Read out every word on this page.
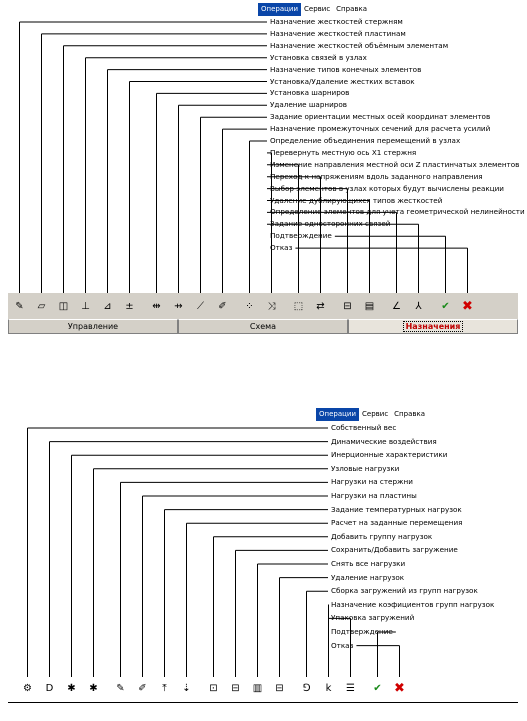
Операции Сервис Справка
Назначение жесткостей стержням
Назначение жесткостей пластинам
Назначение жесткостей объёмным элементам
Установка связей в узлах
Назначение типов конечных элементов
Установка/Удаление жестких вставок
Установка шарниров
Удаление шарниров
Задание ориентации местных осей координат элементов
Назначение промежуточных сечений для расчета усилий
Определение объединения перемещений в узлах
Перевернуть местную ось X1 стержня
Изменение направления местной оси Z пластинчатых элементов
Переход к напряжениям вдоль заданного направления
Выбор элементов в узлах которых будут вычислены реакции
Удаление дублирующихся типов жесткостей
Определение элементов для учета геометрической нелинейности
Задание односторонних связей
Подтверждение
Отказ
✎	▱	◫	⊥	⊿	±	⇹	⇸	⟋	✐	⁘	⤨	⬚	⇄	⊟	▤	∠	⅄	✔ ✖
Управление	Схема	Назначения
Операции Сервис Справка
Собственный вес
Динамические воздействия
Инерционные характеристики
Узловые нагрузки
Нагрузки на стержни
Нагрузки на пластины
Задание температурных нагрузок
Расчет на заданные перемещения
Добавить группу нагрузок
Сохранить/Добавить загружение
Снять все нагрузки
Удаление нагрузок
Сборка загружений из групп нагрузок
Назначение коэфициентов групп нагрузок
Упаковка загружений
Подтверждение
Отказ
⚙	D	✱	✱	✎	✐	⤒	⇣	⊡	⊟	▥	⊟	⅁	k	☰	✔ ✖
